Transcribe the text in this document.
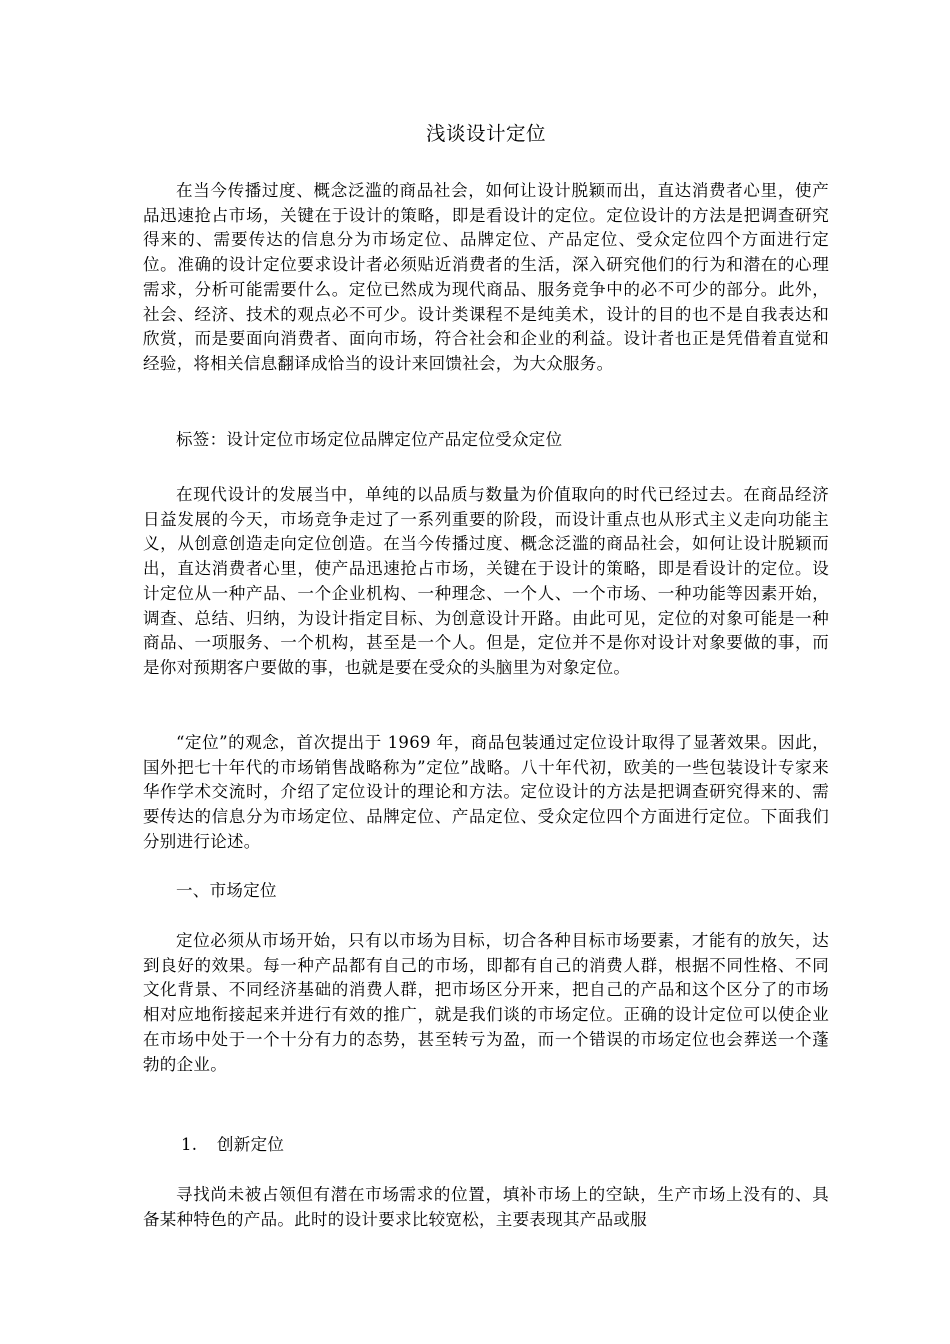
浅谈设计定位

在当今传播过度、概念泛滥的商品社会，如何让设计脱颖而出，直达消费者心里，使产品迅速抢占市场，关键在于设计的策略，即是看设计的定位。定位设计的方法是把调查研究得来的、需要传达的信息分为市场定位、品牌定位、产品定位、受众定位四个方面进行定位。准确的设计定位要求设计者必须贴近消费者的生活，深入研究他们的行为和潜在的心理需求，分析可能需要什么。定位已然成为现代商品、服务竞争中的必不可少的部分。此外，社会、经济、技术的观点必不可少。设计类课程不是纯美术，设计的目的也不是自我表达和欣赏，而是要面向消费者、面向市场，符合社会和企业的利益。设计者也正是凭借着直觉和经验，将相关信息翻译成恰当的设计来回馈社会，为大众服务。

标签：设计定位市场定位品牌定位产品定位受众定位

在现代设计的发展当中，单纯的以品质与数量为价值取向的时代已经过去。在商品经济日益发展的今天，市场竞争走过了一系列重要的阶段，而设计重点也从形式主义走向功能主义，从创意创造走向定位创造。在当今传播过度、概念泛滥的商品社会，如何让设计脱颖而出，直达消费者心里，使产品迅速抢占市场，关键在于设计的策略，即是看设计的定位。设计定位从一种产品、一个企业机构、一种理念、一个人、一个市场、一种功能等因素开始，调查、总结、归纳，为设计指定目标、为创意设计开路。由此可见，定位的对象可能是一种商品、一项服务、一个机构，甚至是一个人。但是，定位并不是你对设计对象要做的事，而是你对预期客户要做的事，也就是要在受众的头脑里为对象定位。

“定位”的观念，首次提出于 1969 年，商品包装通过定位设计取得了显著效果。因此，国外把七十年代的市场销售战略称为”定位”战略。八十年代初，欧美的一些包装设计专家来华作学术交流时，介绍了定位设计的理论和方法。定位设计的方法是把调查研究得来的、需要传达的信息分为市场定位、品牌定位、产品定位、受众定位四个方面进行定位。下面我们分别进行论述。

一、市场定位

定位必须从市场开始，只有以市场为目标，切合各种目标市场要素，才能有的放矢，达到良好的效果。每一种产品都有自己的市场，即都有自己的消费人群，根据不同性格、不同文化背景、不同经济基础的消费人群，把市场区分开来，把自己的产品和这个区分了的市场相对应地衔接起来并进行有效的推广，就是我们谈的市场定位。正确的设计定位可以使企业在市场中处于一个十分有力的态势，甚至转亏为盈，而一个错误的市场定位也会葬送一个蓬勃的企业。

1. 创新定位

寻找尚未被占领但有潜在市场需求的位置，填补市场上的空缺，生产市场上没有的、具备某种特色的产品。此时的设计要求比较宽松，主要表现其产品或服
